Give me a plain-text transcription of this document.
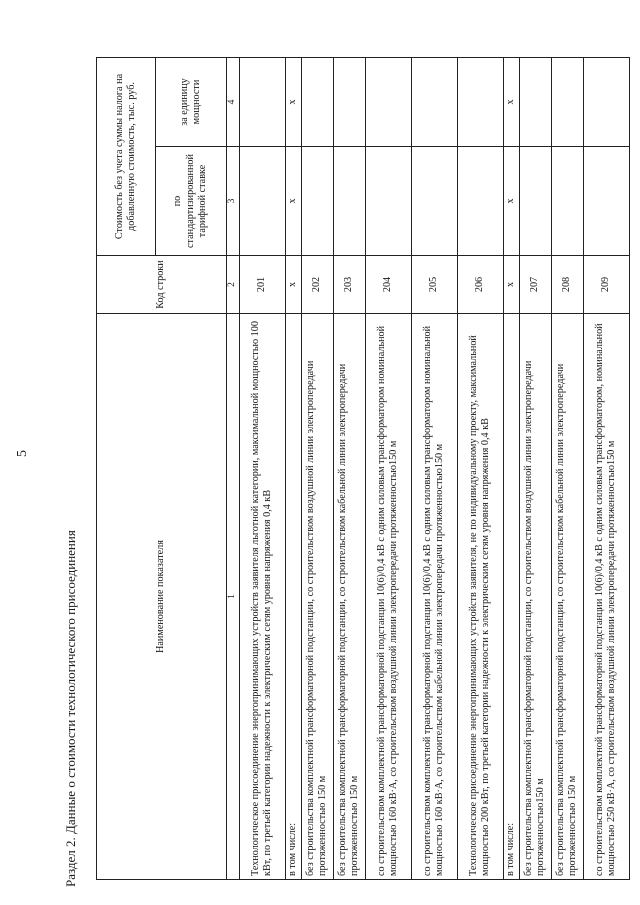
5
Раздел 2. Данные о стоимости технологического присоединения	Наименование показателя	Код строки	Стоимость без учета суммы налога на добавленную стоимость, тыс. руб.	
		по стандартизированной тарифной ставке	за единицу мощности
1	2	3	4
Технологическое присоединение энергопринимающих устройств заявителя льготной категории, максимальной мощностью 100 кВт, по третьей категории надежности к электрическим сетям уровня напряжения 0,4 кВ	201		
в том числе:	x	x	x
без строительства комплектной трансформаторной подстанции, со строительством воздушной линии электропередачи протяженностью 150 м	202		
без строительства комплектной трансформаторной подстанции, со строительством кабельной линии электропередачи протяженностью 150 м	203		
со строительством комплектной трансформаторной подстанции 10(6)/0,4 кВ с одним силовым трансформатором номинальной мощностью 160 кВ·А, со строительством воздушной линии электропередачи протяженностью150 м	204		
со строительством комплектной трансформаторной подстанции 10(6)/0,4 кВ с одним силовым трансформатором номинальной мощностью 160 кВ·А, со строительством кабельной линии электропередачи протяженностью150 м	205		
Технологическое присоединение энергопринимающих устройств заявителя, не по индивидуальному проекту, максимальной мощностью 200 кВт, по третьей категории надежности к электрическим сетям уровня напряжения 0,4 кВ	206		
в том числе:	x	x	x
без строительства комплектной трансформаторной подстанции, со строительством воздушной линии электропередачи протяженностью150 м	207		
без строительства комплектной трансформаторной подстанции, со строительством кабельной линии электропередачи протяженностью 150 м	208		
со строительством комплектной трансформаторной подстанции 10(6)/0,4 кВ с одним силовым трансформатором, номинальной мощностью 250 кВ·А, со строительством воздушной линии электропередачи протяженностью150 м	209		
